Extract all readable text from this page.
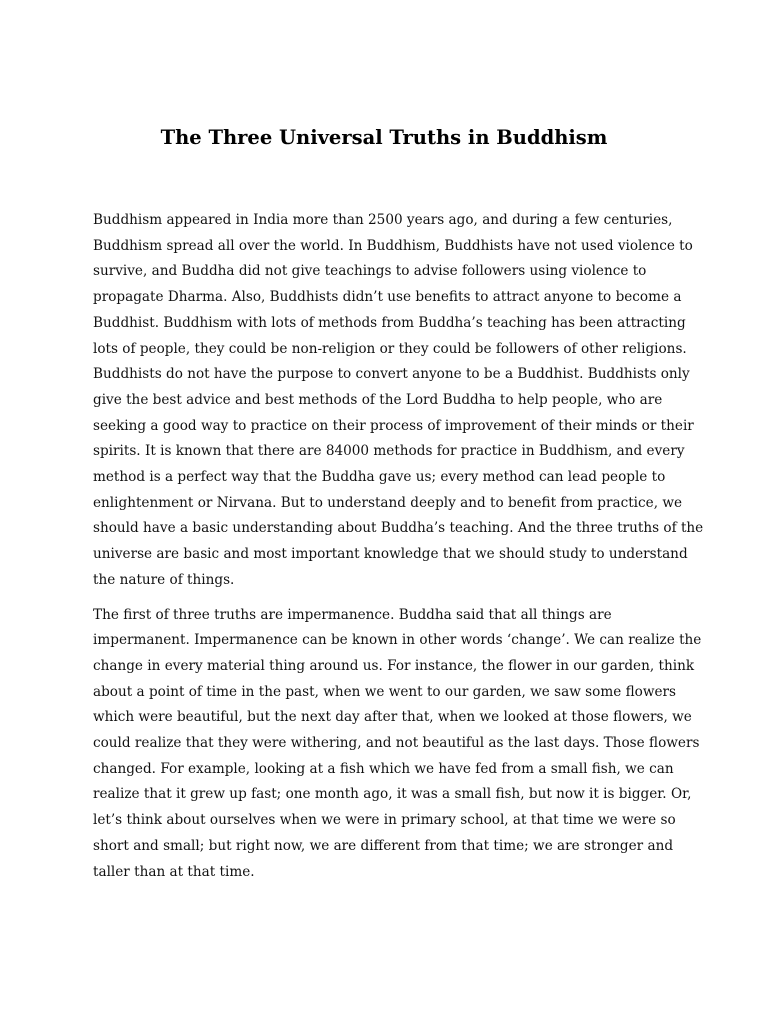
The Three Universal Truths in Buddhism

Buddhism appeared in India more than 2500 years ago, and during a few centuries,
Buddhism spread all over the world. In Buddhism, Buddhists have not used violence to
survive, and Buddha did not give teachings to advise followers using violence to
propagate Dharma. Also, Buddhists didn’t use benefits to attract anyone to become a
Buddhist. Buddhism with lots of methods from Buddha’s teaching has been attracting
lots of people, they could be non-religion or they could be followers of other religions.
Buddhists do not have the purpose to convert anyone to be a Buddhist. Buddhists only
give the best advice and best methods of the Lord Buddha to help people, who are
seeking a good way to practice on their process of improvement of their minds or their
spirits. It is known that there are 84000 methods for practice in Buddhism, and every
method is a perfect way that the Buddha gave us; every method can lead people to
enlightenment or Nirvana. But to understand deeply and to benefit from practice, we
should have a basic understanding about Buddha’s teaching. And the three truths of the
universe are basic and most important knowledge that we should study to understand
the nature of things.

The first of three truths are impermanence. Buddha said that all things are
impermanent. Impermanence can be known in other words ‘change’. We can realize the
change in every material thing around us. For instance, the flower in our garden, think
about a point of time in the past, when we went to our garden, we saw some flowers
which were beautiful, but the next day after that, when we looked at those flowers, we
could realize that they were withering, and not beautiful as the last days. Those flowers
changed. For example, looking at a fish which we have fed from a small fish, we can
realize that it grew up fast; one month ago, it was a small fish, but now it is bigger. Or,
let’s think about ourselves when we were in primary school, at that time we were so
short and small; but right now, we are different from that time; we are stronger and
taller than at that time.
